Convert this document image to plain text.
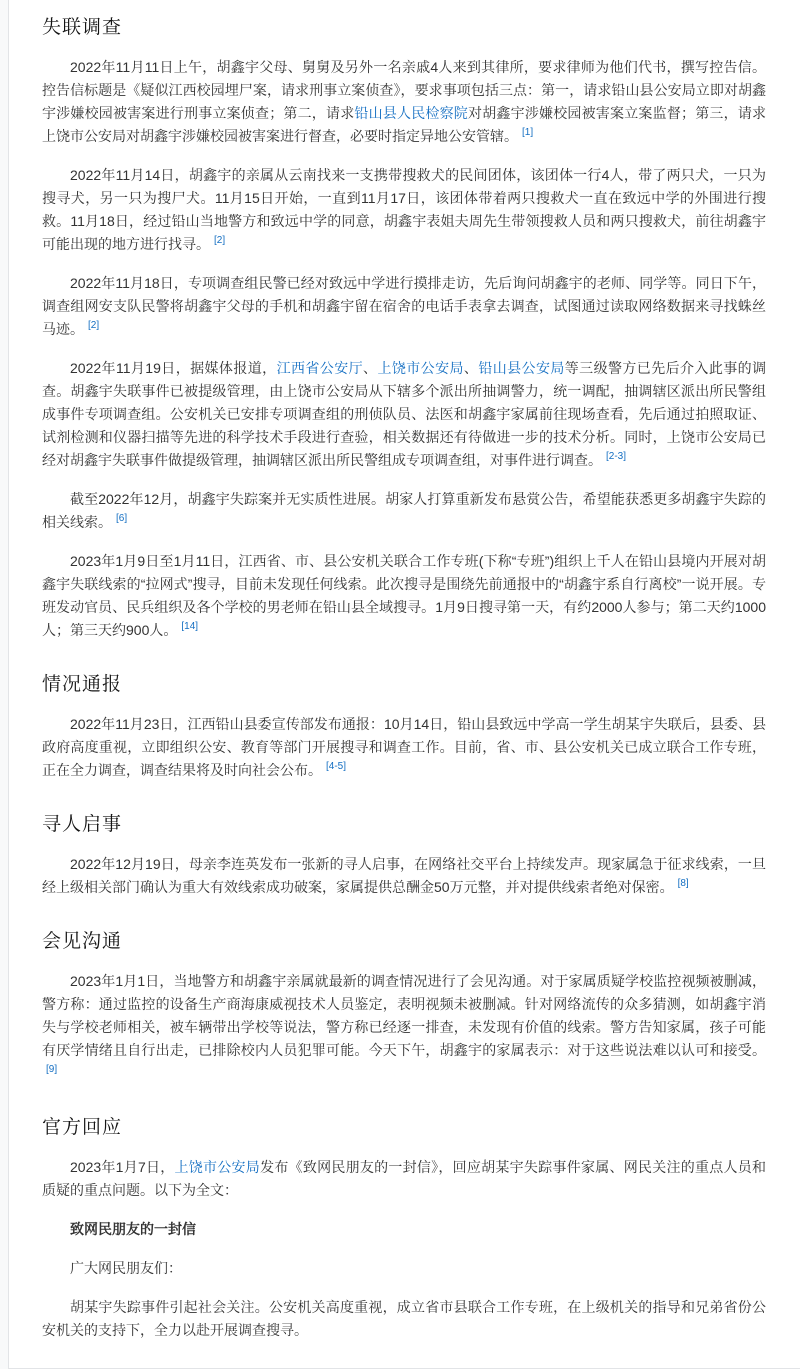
失联调查

2022年11月11日上午，胡鑫宇父母、舅舅及另外一名亲戚4人来到其律所，要求律师为他们代书，撰写控告信。控告信标题是《疑似江西校园埋尸案，请求刑事立案侦查》，要求事项包括三点：第一，请求铅山县公安局立即对胡鑫宇涉嫌校园被害案进行刑事立案侦查；第二，请求铅山县人民检察院对胡鑫宇涉嫌校园被害案立案监督；第三，请求上饶市公安局对胡鑫宇涉嫌校园被害案进行督查，必要时指定异地公安管辖。 [1]

2022年11月14日，胡鑫宇的亲属从云南找来一支携带搜救犬的民间团体，该团体一行4人，带了两只犬，一只为搜寻犬，另一只为搜尸犬。11月15日开始，一直到11月17日，该团体带着两只搜救犬一直在致远中学的外围进行搜救。11月18日，经过铅山当地警方和致远中学的同意，胡鑫宇表姐夫周先生带领搜救人员和两只搜救犬，前往胡鑫宇可能出现的地方进行找寻。 [2]

2022年11月18日，专项调查组民警已经对致远中学进行摸排走访，先后询问胡鑫宇的老师、同学等。同日下午，调查组网安支队民警将胡鑫宇父母的手机和胡鑫宇留在宿舍的电话手表拿去调查，试图通过读取网络数据来寻找蛛丝马迹。 [2]

2022年11月19日，据媒体报道，江西省公安厅、上饶市公安局、铅山县公安局等三级警方已先后介入此事的调查。胡鑫宇失联事件已被提级管理，由上饶市公安局从下辖多个派出所抽调警力，统一调配，抽调辖区派出所民警组成事件专项调查组。公安机关已安排专项调查组的刑侦队员、法医和胡鑫宇家属前往现场查看，先后通过拍照取证、试剂检测和仪器扫描等先进的科学技术手段进行查验，相关数据还有待做进一步的技术分析。同时，上饶市公安局已经对胡鑫宇失联事件做提级管理，抽调辖区派出所民警组成专项调查组，对事件进行调查。 [2-3]

截至2022年12月，胡鑫宇失踪案并无实质性进展。胡家人打算重新发布悬赏公告，希望能获悉更多胡鑫宇失踪的相关线索。 [6]

2023年1月9日至1月11日，江西省、市、县公安机关联合工作专班(下称“专班”)组织上千人在铅山县境内开展对胡鑫宇失联线索的“拉网式”搜寻，目前未发现任何线索。此次搜寻是围绕先前通报中的“胡鑫宇系自行离校”一说开展。专班发动官员、民兵组织及各个学校的男老师在铅山县全域搜寻。1月9日搜寻第一天，有约2000人参与；第二天约1000人；第三天约900人。 [14]

情况通报

2022年11月23日，江西铅山县委宣传部发布通报：10月14日，铅山县致远中学高一学生胡某宇失联后，县委、县政府高度重视，立即组织公安、教育等部门开展搜寻和调查工作。目前，省、市、县公安机关已成立联合工作专班，正在全力调查，调查结果将及时向社会公布。 [4-5]

寻人启事

2022年12月19日，母亲李连英发布一张新的寻人启事，在网络社交平台上持续发声。现家属急于征求线索，一旦经上级相关部门确认为重大有效线索成功破案，家属提供总酬金50万元整，并对提供线索者绝对保密。 [8]

会见沟通

2023年1月1日，当地警方和胡鑫宇亲属就最新的调查情况进行了会见沟通。对于家属质疑学校监控视频被删减，警方称：通过监控的设备生产商海康威视技术人员鉴定，表明视频未被删减。针对网络流传的众多猜测，如胡鑫宇消失与学校老师相关，被车辆带出学校等说法，警方称已经逐一排查，未发现有价值的线索。警方告知家属，孩子可能有厌学情绪且自行出走，已排除校内人员犯罪可能。今天下午，胡鑫宇的家属表示：对于这些说法难以认可和接受。[9]

官方回应

2023年1月7日，上饶市公安局发布《致网民朋友的一封信》，回应胡某宇失踪事件家属、网民关注的重点人员和质疑的重点问题。以下为全文：

致网民朋友的一封信

广大网民朋友们：

胡某宇失踪事件引起社会关注。公安机关高度重视，成立省市县联合工作专班，在上级机关的指导和兄弟省份公安机关的支持下，全力以赴开展调查搜寻。
